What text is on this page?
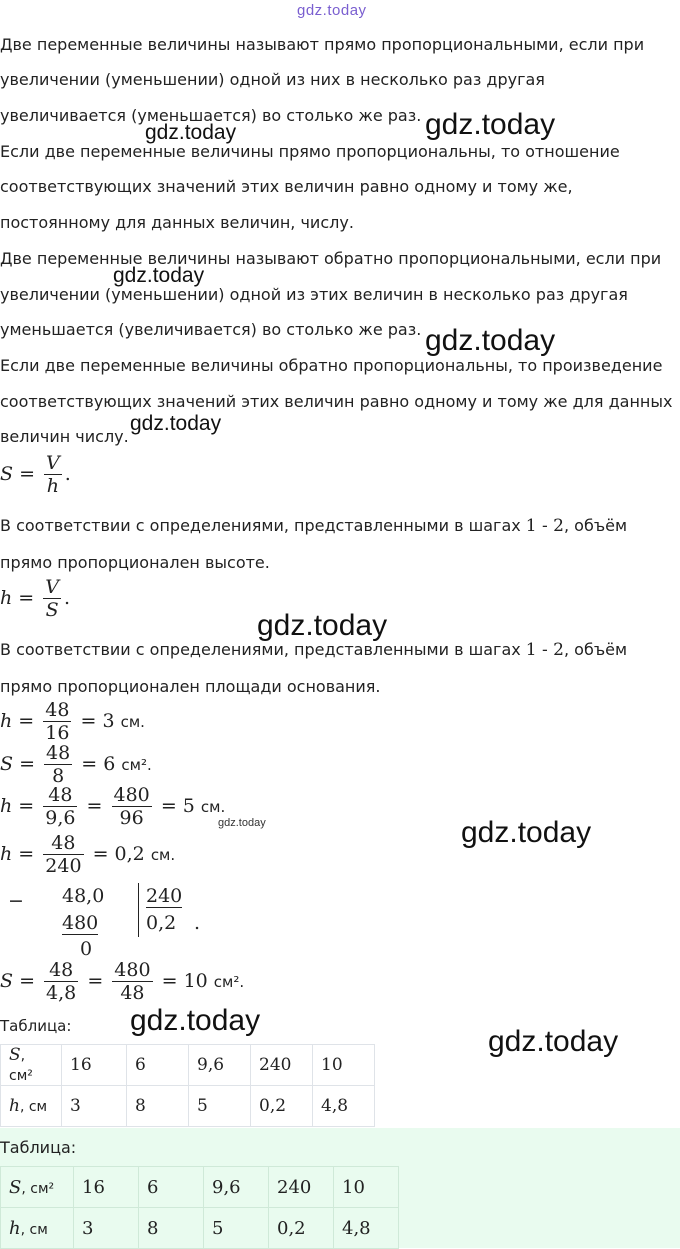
gdz.today
gdz.today
gdz.today
gdz.today
gdz.today
gdz.today
gdz.today
gdz.today	gdz.today
gdz.today
gdz.today
Две переменные величины называют прямо пропорциональными, если при
увеличении (уменьшении) одной из них в несколько раз другая
увеличивается (уменьшается) во столько же раз.
Если две переменные величины прямо пропорциональны, то отношение
соответствующих значений этих величин равно одному и тому же,
постоянному для данных величин, числу.
Две переменные величины называют обратно пропорциональными, если при
увеличении (уменьшении) одной из этих величин в несколько раз другая
уменьшается (увеличивается) во столько же раз.
Если две переменные величины обратно пропорциональны, то произведение
соответствующих значений этих величин равно одному и тому же для данных
величин числу.
$S = \frac{V}{h}$ .
В соответствии с определениями, представленными в шагах 1 - 2, объём
прямо пропорционален высоте.
$h = \frac{V}{S}$ .
В соответствии с определениями, представленными в шагах 1 - 2, объём
прямо пропорционален площади основания.
$h = \frac{48}{16} = 3$ см.
$S = \frac{48}{8} = 6$ см².
$h = \frac{48}{9,6} = \frac{480}{96} = 5$ см.
$h = \frac{48}{240} = 0,2$ см.
− 48,0
480
0
240
0,2 .
$S = \frac{48}{4,8} = \frac{480}{48} = 10$ см².
Таблица:
S, см²	16	6	9,6	240	10
h, см	3	8	5	0,2	4,8
Таблица:
S, см²	16	6	9,6	240	10
h, см	3	8	5	0,2	4,8
